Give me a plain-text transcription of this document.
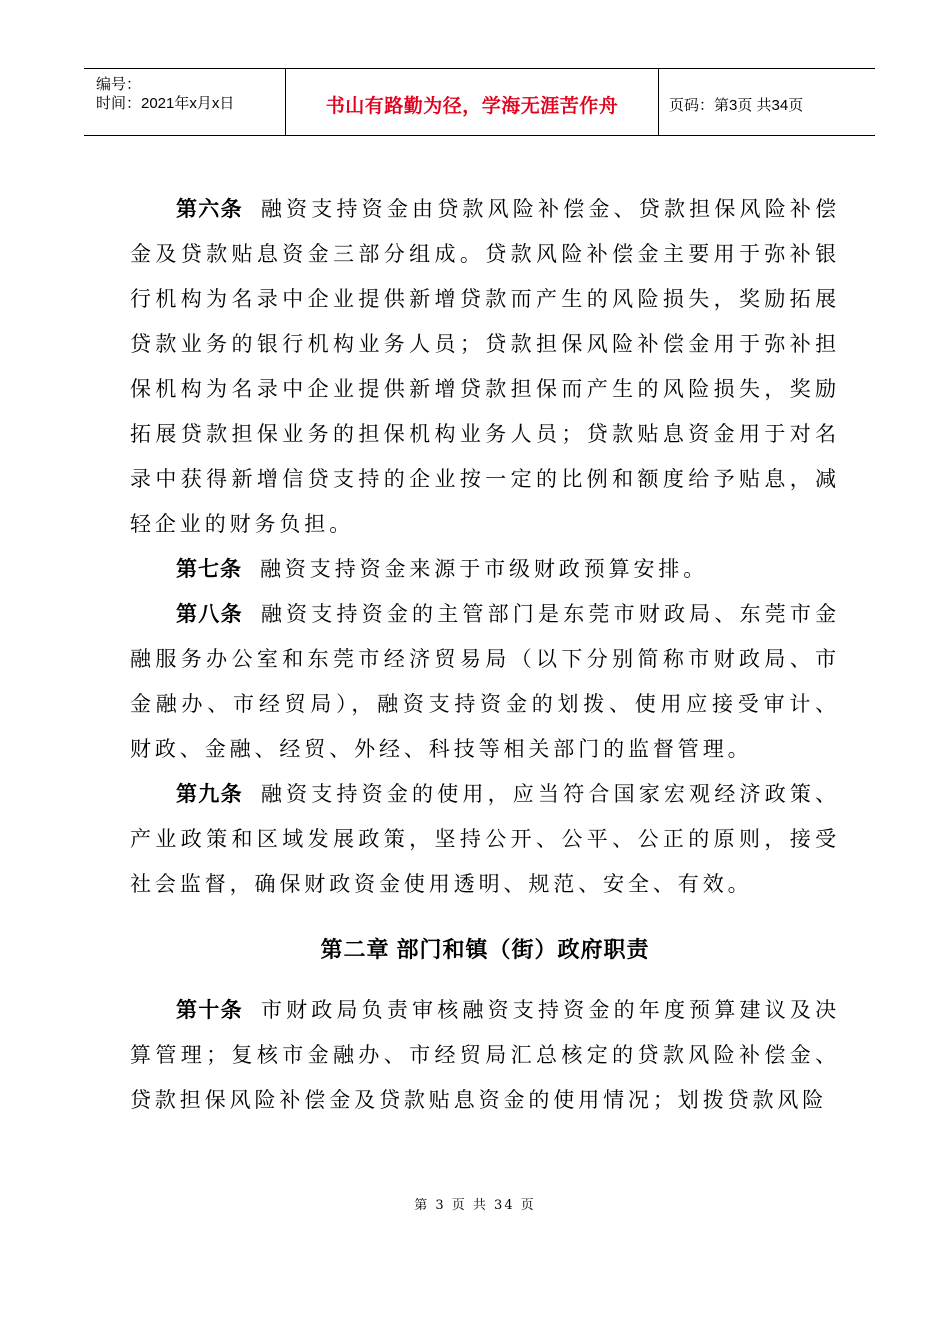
编号：
时间：2021年x月x日	书山有路勤为径，学海无涯苦作舟	页码：第3页 共34页

第六条 融资支持资金由贷款风险补偿金、贷款担保风险补偿金及贷款贴息资金三部分组成。贷款风险补偿金主要用于弥补银行机构为名录中企业提供新增贷款而产生的风险损失，奖励拓展贷款业务的银行机构业务人员；贷款担保风险补偿金用于弥补担保机构为名录中企业提供新增贷款担保而产生的风险损失，奖励拓展贷款担保业务的担保机构业务人员；贷款贴息资金用于对名录中获得新增信贷支持的企业按一定的比例和额度给予贴息，减轻企业的财务负担。

第七条 融资支持资金来源于市级财政预算安排。

第八条 融资支持资金的主管部门是东莞市财政局、东莞市金融服务办公室和东莞市经济贸易局（以下分别简称市财政局、市金融办、市经贸局），融资支持资金的划拨、使用应接受审计、财政、金融、经贸、外经、科技等相关部门的监督管理。

第九条 融资支持资金的使用，应当符合国家宏观经济政策、产业政策和区域发展政策，坚持公开、公平、公正的原则，接受社会监督，确保财政资金使用透明、规范、安全、有效。

第二章 部门和镇（街）政府职责

第十条 市财政局负责审核融资支持资金的年度预算建议及决算管理；复核市金融办、市经贸局汇总核定的贷款风险补偿金、贷款担保风险补偿金及贷款贴息资金的使用情况；划拨贷款风险

第 3 页 共 34 页
